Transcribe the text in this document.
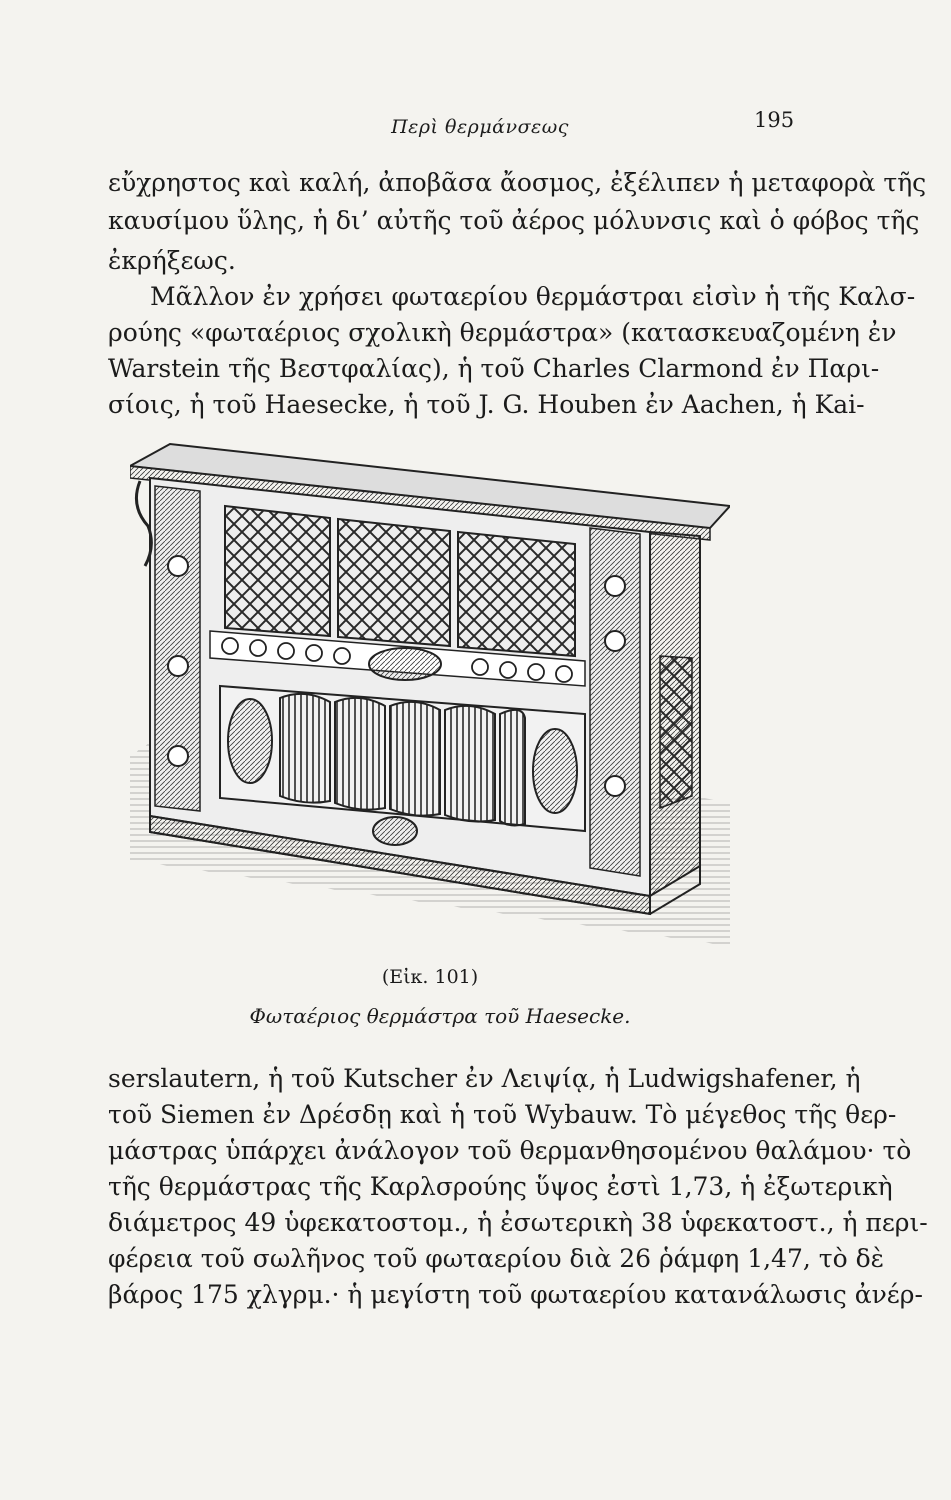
Περὶ θερμάνσεως	195
εὔχρηστος καὶ καλή, ἀποβᾶσα ἄοσμος, ἐξέλιπεν ἡ μεταφορὰ τῆς
καυσίμου ὕλης, ἡ δι’ αὐτῆς τοῦ ἀέρος μόλυνσις καὶ ὁ φόβος τῆς
ἐκρήξεως.
Μᾶλλον ἐν χρήσει φωταερίου θερμάστραι εἰσὶν ἡ τῆς Καλσ-
ρούης «φωταέριος σχολικὴ θερμάστρα» (κατασκευαζομένη ἐν
Warstein τῆς Βεστφαλίας), ἡ τοῦ Charles Clarmond ἐν Παρι-
σίοις, ἡ τοῦ Haesecke, ἡ τοῦ J. G. Houben ἐν Aachen, ἡ Kai-
(Εἰκ. 101)
Φωταέριος θερμάστρα τοῦ Haesecke.
serslautern, ἡ τοῦ Kutscher ἐν Λειψίᾳ, ἡ Ludwigshafener, ἡ
τοῦ Siemen ἐν Δρέσδῃ καὶ ἡ τοῦ Wybauw. Τὸ μέγεθος τῆς θερ-
μάστρας ὑπάρχει ἀνάλογον τοῦ θερμανθησομένου θαλάμου· τὸ
τῆς θερμάστρας τῆς Καρλσρούης ὕψος ἐστὶ 1,73, ἡ ἐξωτερικὴ
διάμετρος 49 ὑφεκατοστομ., ἡ ἐσωτερικὴ 38 ὑφεκατοστ., ἡ περι-
φέρεια τοῦ σωλῆνος τοῦ φωταερίου διὰ 26 ῥάμφη 1,47, τὸ δὲ
βάρος 175 χλγρμ.· ἡ μεγίστη τοῦ φωταερίου κατανάλωσις ἀνέρ-
